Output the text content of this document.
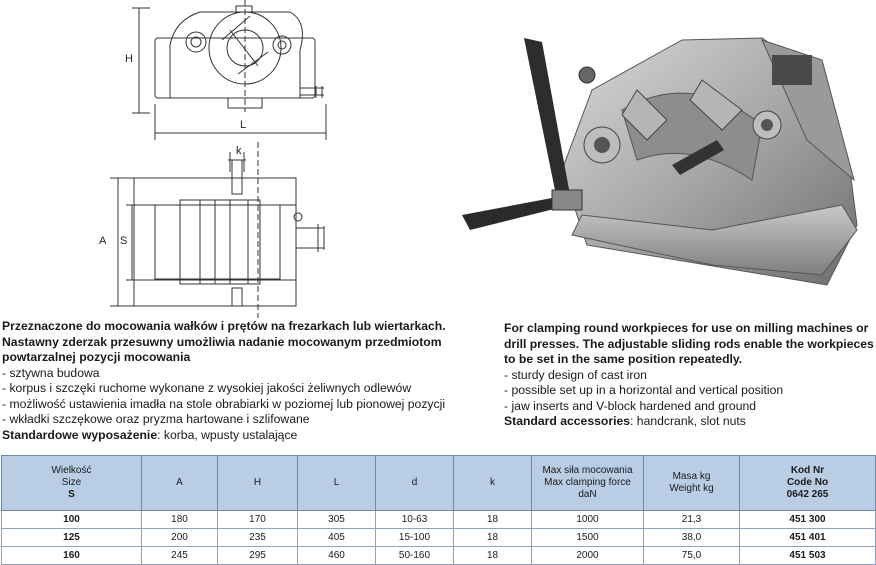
H
L
k
A S

Przeznaczone do mocowania wałków i prętów na frezarkach lub wiertarkach. Nastawny zderzak przesuwny umożliwia nadanie mocowanym przedmiotom powtarzalnej pozycji mocowania

- sztywna budowa
- korpus i szczęki ruchome wykonane z wysokiej jakości żeliwnych odlewów
- możliwość ustawienia imadła na stole obrabiarki w poziomej lub pionowej pozycji
- wkładki szczękowe oraz pryzma hartowane i szlifowane

Standardowe wyposażenie: korba, wpusty ustalające

For clamping round workpieces for use on milling machines or drill presses. The adjustable sliding rods enable the workpieces to be set in the same position repeatedly.

- sturdy design of cast iron
- possible set up in a horizontal and vertical position
- jaw inserts and V-block hardened and ground

Standard accessories: handcrank, slot nuts

Wielkość
Size
S	A	H	L	d	k	Max siła mocowania
Max clamping force
daN	Masa kg
Weight kg	Kod Nr
Code No
0642 265

100	180	170	305	10-63	18	1000	21,3	451 300
125	200	235	405	15-100	18	1500	38,0	451 401
160	245	295	460	50-160	18	2000	75,0	451 503
